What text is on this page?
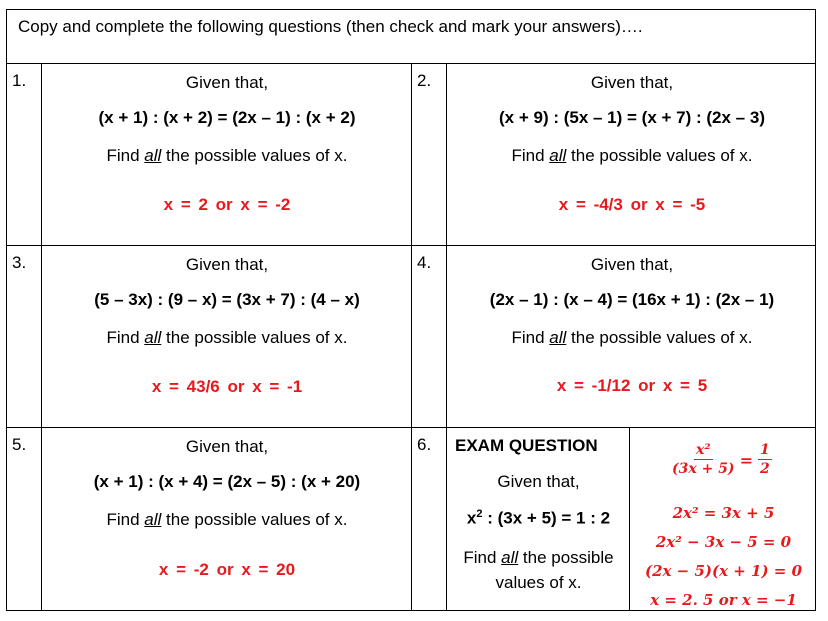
Copy and complete the following questions (then check and mark your answers)….
1.	Given that,
(x + 1) : (x + 2) = (2x – 1) : (x + 2)
Find all the possible values of x.
x = 2 or x = -2
2.	Given that,
(x + 9) : (5x – 1) = (x + 7) : (2x – 3)
Find all the possible values of x.
x = -4/3 or x = -5
3.	Given that,
(5 – 3x) : (9 – x) = (3x + 7) : (4 – x)
Find all the possible values of x.
x = 43/6 or x = -1
4.	Given that,
(2x – 1) : (x – 4) = (16x + 1) : (2x – 1)
Find all the possible values of x.
x = -1/12 or x = 5
5.	Given that,
(x + 1) : (x + 4) = (2x – 5) : (x + 20)
Find all the possible values of x.
x = -2 or x = 20
6.	EXAM QUESTION
Given that,
$x^2$ : (3x + 5) = 1 : 2
Find all the possible
values of x.
$\frac{\text{x²}}{(3x + 5)} = \frac{1}{2}$
2x² = 3x + 5
2x² − 3x − 5 = 0
(2x − 5)(x + 1) = 0
x = 2. 5 or x = −1
